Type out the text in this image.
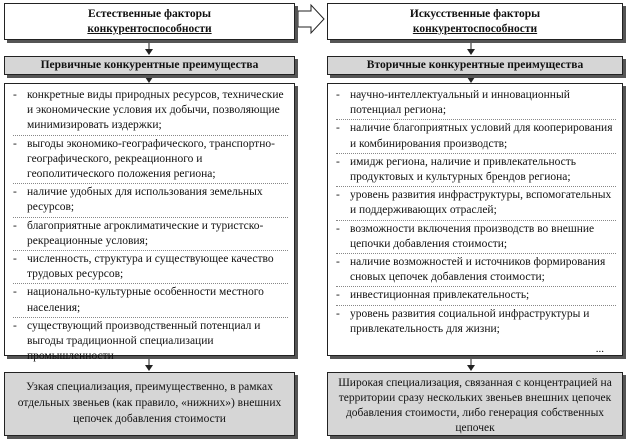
Естественные факторы
конкурентоспособности
Искусственные факторы
конкурентоспособности
Первичные конкурентные преимущества	Вторичные конкурентные преимущества
- конкретные виды природных ресурсов, технические и экономические условия их добычи, позволяющие минимизировать издержки;
- выгоды экономико-географического, транспортно-географического, рекреационного и геополитического положения региона;
- наличие удобных для использования земельных ресурсов;
- благоприятные агроклиматические и туристско-рекреационные условия;
- численность, структура и существующее качество трудовых ресурсов;
- национально-культурные особенности местного населения;
- существующий производственный потенциал и выгоды традиционной специализации промышленности
- научно-интеллектуальный и инновационный потенциал региона;
- наличие благоприятных условий для кооперирования и комбинирования производств;
- имидж региона, наличие и привлекательность продуктовых и культурных брендов региона;
- уровень развития инфраструктуры, вспомогательных и поддерживающих отраслей;
- возможности включения производств во внешние цепочки добавления стоимости;
- наличие возможностей и источников формирования сновых цепочек добавления стоимости;
- инвестиционная привлекательность;
- уровень развития социальной инфраструктуры и привлекательность для жизни;
...
Узкая специализация, преимущественно, в рамках отдельных звеньев (как правило, «нижних») внешних цепочек добавления стоимости
Широкая специализация, связанная с концентрацией на территории сразу нескольких звеньев внешних цепочек добавления стоимости, либо генерация собственных цепочек
